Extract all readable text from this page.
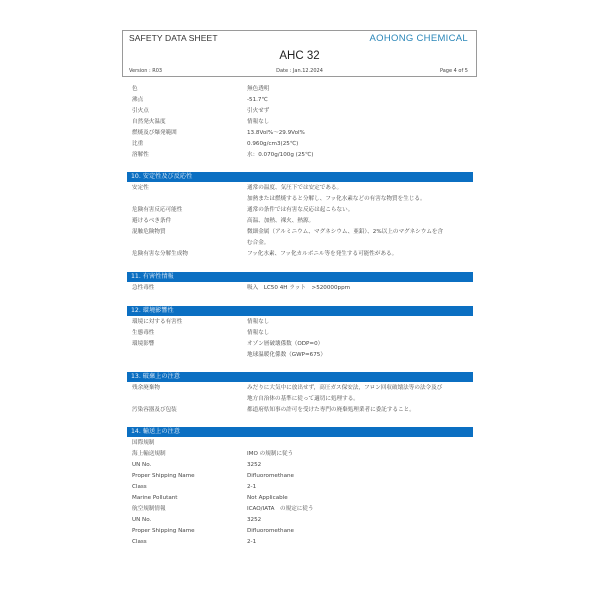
SAFETY DATA SHEET	AOHONG CHEMICAL
AHC 32
Version : R03	Date : Jan.12.2024	Page 4 of 5
色	無色透明
沸点	-51.7℃
引火点	引火せず
自然発火温度	情報なし
燃焼及び爆発範囲	13.8Vol%～29.9Vol%
比重	0.960g/cm3(25℃)
溶解性	水：0.070g/100g (25℃)
10. 安定性及び反応性
安定性	通常の温度、気圧下では安定である。
加熱または燃焼すると分解し、フッ化水素などの有害な物質を生じる。
危険有害反応可能性	通常の条件では有害な反応は起こらない。
避けるべき条件	高温、加熱、裸火、熱源。
混触危険物質	微細金属（アルミニウム、マグネシウム、亜鉛）、2%以上のマグネシウムを含
む合金。
危険有害な分解生成物	フッ化水素、フッ化カルボニル等を発生する可能性がある。
11. 有害性情報
急性毒性	吸入　LC50 4H ラット　>520000ppm
12. 環境影響性
環境に対する有害性	情報なし
生態毒性	情報なし
環境影響	オゾン層破壊係数（ODP=0）
地球温暖化係数（GWP=675）
13. 破棄上の注意
残余廃棄物	みだりに大気中に放出せず，高圧ガス保安法，フロン回収破壊法等の法令及び
地方自治体の基準に従って適切に処理する。
汚染容器及び包装	都道府県知事の許可を受けた専門の廃棄処理業者に委託すること。
14. 輸送上の注意
国際規制
海上輸送規制	IMO の規制に従う
UN No.	3252
Proper Shipping Name	Difluoromethane
Class	2-1
Marine Pollutant	Not Applicable
航空規制情報	ICAO/IATA　の規定に従う
UN No.	3252
Proper Shipping Name	Difluoromethane
Class	2-1
